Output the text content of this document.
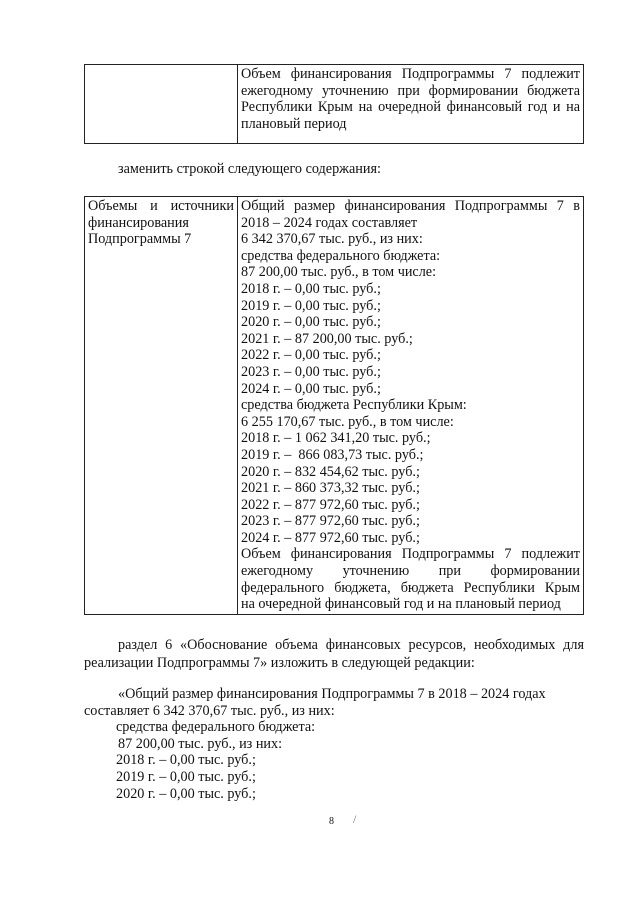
Объем финансирования Подпрограммы 7 подлежит
ежегодному уточнению при формировании бюджета
Республики Крым на очередной финансовый год и на
плановый период
заменить строкой следующего содержания:
Объемы и источники
финансирования
Подпрограммы 7

Общий размер финансирования Подпрограммы 7 в
2018 – 2024 годах составляет
6 342 370,67 тыс. руб., из них:
средства федерального бюджета:
87 200,00 тыс. руб., в том числе:
2018 г. – 0,00 тыс. руб.;
2019 г. – 0,00 тыс. руб.;
2020 г. – 0,00 тыс. руб.;
2021 г. – 87 200,00 тыс. руб.;
2022 г. – 0,00 тыс. руб.;
2023 г. – 0,00 тыс. руб.;
2024 г. – 0,00 тыс. руб.;
средства бюджета Республики Крым:
6 255 170,67 тыс. руб., в том числе:
2018 г. – 1 062 341,20 тыс. руб.;
2019 г. –  866 083,73 тыс. руб.;
2020 г. – 832 454,62 тыс. руб.;
2021 г. – 860 373,32 тыс. руб.;
2022 г. – 877 972,60 тыс. руб.;
2023 г. – 877 972,60 тыс. руб.;
2024 г. – 877 972,60 тыс. руб.;
Объем финансирования Подпрограммы 7 подлежит
ежегодному уточнению при формировании
федерального бюджета, бюджета Республики Крым
на очередной финансовый год и на плановый период
раздел 6 «Обоснование объема финансовых ресурсов, необходимых для реализации Подпрограммы 7» изложить в следующей редакции:
«Общий размер финансирования Подпрограммы 7 в 2018 – 2024 годах
составляет 6 342 370,67 тыс. руб., из них:
средства федерального бюджета:
87 200,00 тыс. руб., из них:
2018 г. – 0,00 тыс. руб.;
2019 г. – 0,00 тыс. руб.;
2020 г. – 0,00 тыс. руб.;
8 /
